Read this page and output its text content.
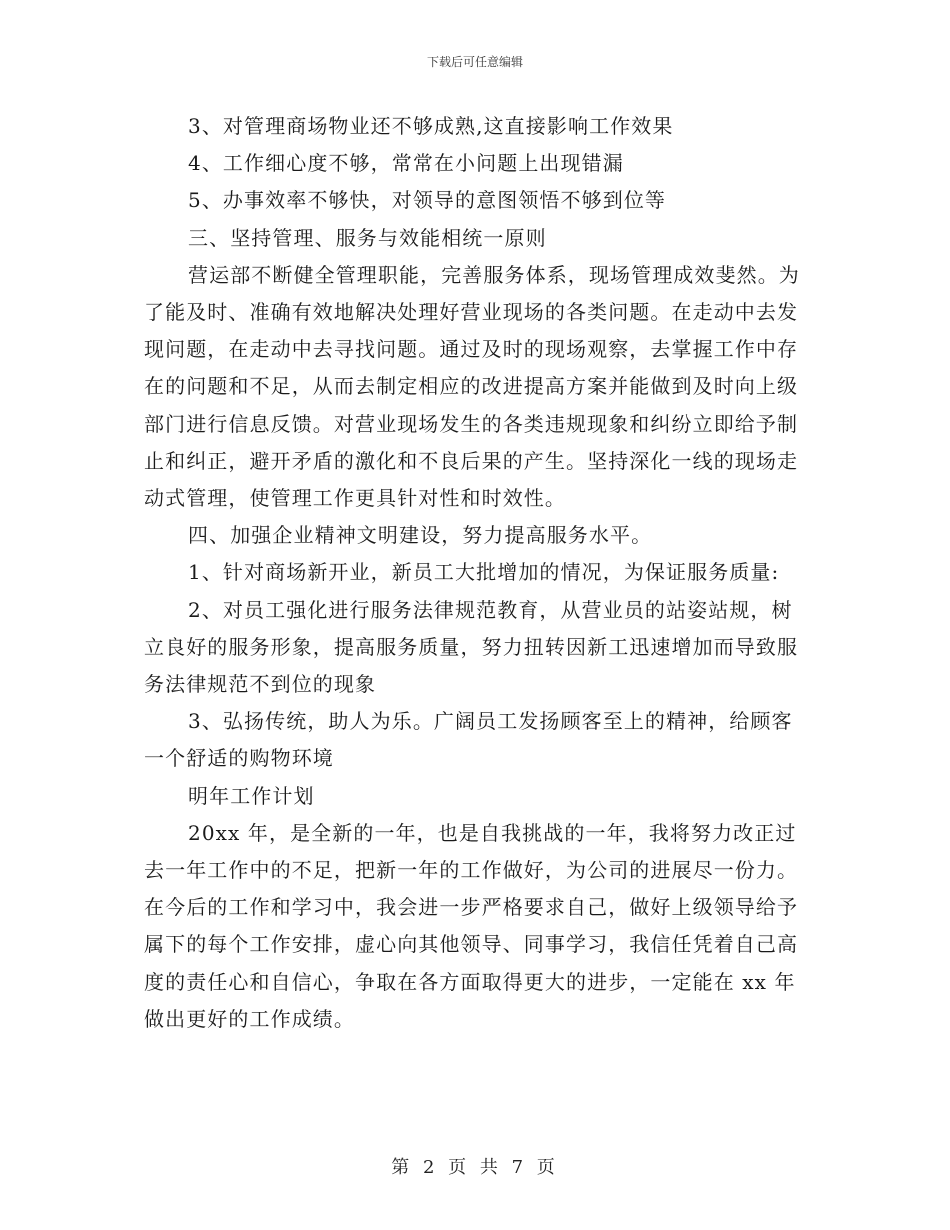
下载后可任意编辑

3、对管理商场物业还不够成熟,这直接影响工作效果

4、工作细心度不够，常常在小问题上出现错漏

5、办事效率不够快，对领导的意图领悟不够到位等

三、坚持管理、服务与效能相统一原则

营运部不断健全管理职能，完善服务体系，现场管理成效斐然。为了能及时、准确有效地解决处理好营业现场的各类问题。在走动中去发现问题，在走动中去寻找问题。通过及时的现场观察，去掌握工作中存在的问题和不足，从而去制定相应的改进提高方案并能做到及时向上级部门进行信息反馈。对营业现场发生的各类违规现象和纠纷立即给予制止和纠正，避开矛盾的激化和不良后果的产生。坚持深化一线的现场走动式管理，使管理工作更具针对性和时效性。

四、加强企业精神文明建设，努力提高服务水平。

1、针对商场新开业，新员工大批增加的情况，为保证服务质量:

2、对员工强化进行服务法律规范教育，从营业员的站姿站规，树立良好的服务形象，提高服务质量，努力扭转因新工迅速增加而导致服务法律规范不到位的现象

3、弘扬传统，助人为乐。广阔员工发扬顾客至上的精神，给顾客一个舒适的购物环境

明年工作计划

20xx 年，是全新的一年，也是自我挑战的一年，我将努力改正过去一年工作中的不足，把新一年的工作做好，为公司的进展尽一份力。在今后的工作和学习中，我会进一步严格要求自己，做好上级领导给予属下的每个工作安排，虚心向其他领导、同事学习，我信任凭着自己高度的责任心和自信心，争取在各方面取得更大的进步，一定能在 xx 年做出更好的工作成绩。

第 2 页 共 7 页
